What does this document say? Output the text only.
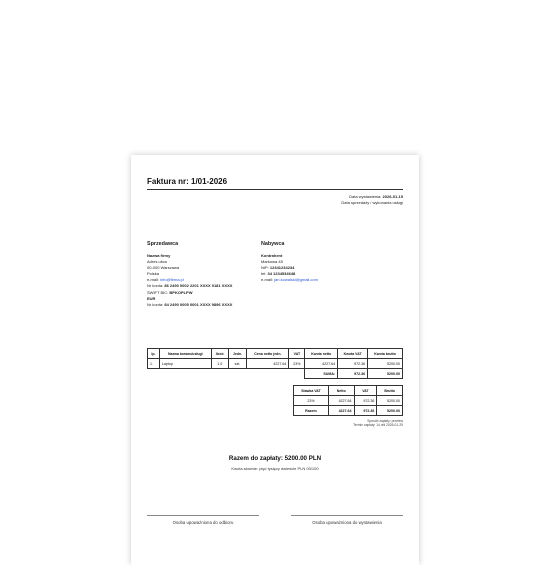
Faktura nr: 1/01-2026
Data wystawienia: 2026-01-15
Data sprzedaży / wykonania usługi
Sprzedawca
Nazwa firmy
Adres ulica
00-000 Warszawa
Polska
e-mail: info@firma.pl
Nr konta: 86 2490 0002 2201 XXXX 0181 XXXX
SWIFT BIC: BPKOPLPW
EUR
Nr konta: 84 2490 0005 0001 XXXX 9896 XXXX
Nabywca
Kontrahent
Markowa 45
NIP: 12341234234
tel: 34 1234534648
e-mail: jan.kowalski@gmail.com
lp.	Nazwa towaru/usługi	Ilość	Jedn.	Cena netto jedn.	VAT	Kwota netto	Kwota VAT	Kwota brutto
1.	Laptop	1.0	szt.	4227.64	23%	4227.64	972.36	5200.00
						SUMA:	972.36	5200.00
Stawka VAT	Netto	VAT	Brutto
23%	4227.64	972.36	5200.00
Razem	4227.64	972.36	5200.00
Sposób zapłaty: przelew
Termin zapłaty: 14 dni 2026-01-29
Razem do zapłaty: 5200.00 PLN
Kwota słownie: pięć tysięcy dwieście PLN 00/100
Osoba upoważniona do odbioru	Osoba upoważniona do wystawienia
